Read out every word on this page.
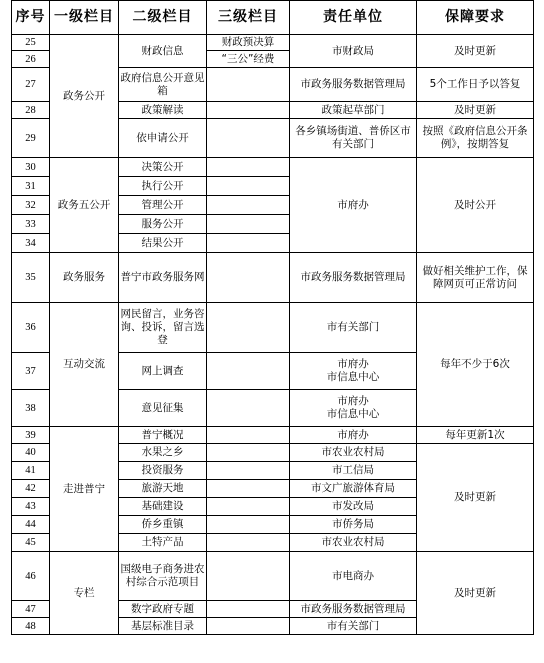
序号	一级栏目	二级栏目	三级栏目	责任单位	保障要求
25	政务公开	财政信息	财政预决算	市财政局	及时更新
26			“三公”经费		
27		政府信息公开意见箱		市政务服务数据管理局	5个工作日予以答复
28		政策解读		政策起草部门	及时更新
29		依申请公开		各乡镇场街道、普侨区市有关部门	按照《政府信息公开条例》，按期答复
30	政务五公开	决策公开		市府办	及时公开
31		执行公开			
32		管理公开			
33		服务公开			
34		结果公开			
35	政务服务	普宁市政务服务网		市政务服务数据管理局	做好相关维护工作，保障网页可正常访问
36	互动交流	网民留言，业务咨询、投诉，留言选登		市有关部门	每年不少于6次
37		网上调查		市府办
市信息中心	

38		意见征集		市府办
市信息中心	

39	走进普宁	普宁概况		市府办	每年更新1次
40		水果之乡		市农业农村局	及时更新
41		投资服务		市工信局	
42		旅游天地		市文广旅游体育局	
43		基础建设		市发改局	
44		侨乡重镇		市侨务局	
45		土特产品		市农业农村局	
46	专栏	国级电子商务进农村综合示范项目		市电商办	及时更新
47		数字政府专题		市政务服务数据管理局	
48		基层标准目录		市有关部门	
